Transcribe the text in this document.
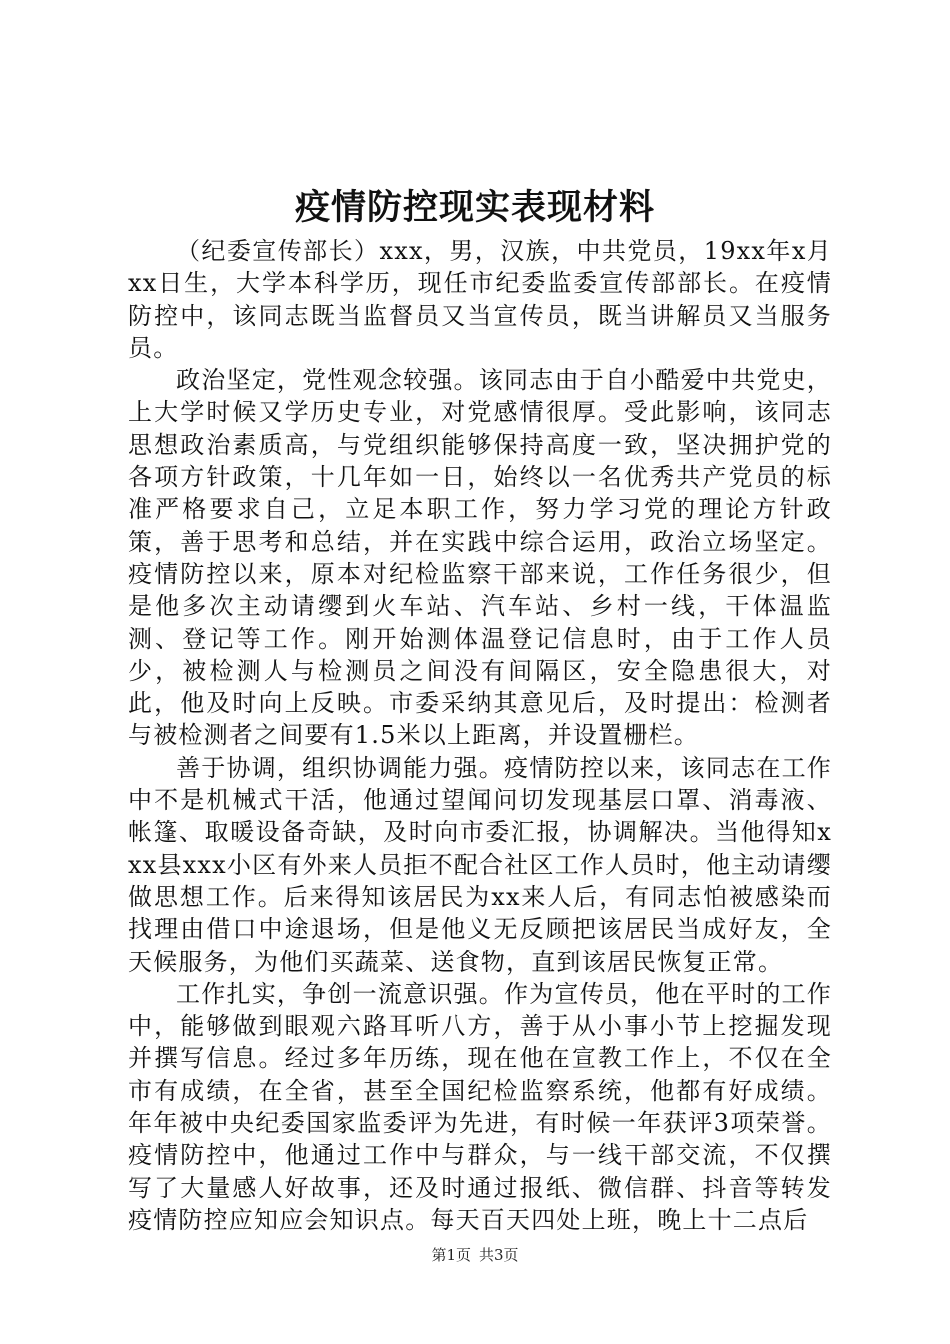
疫情防控现实表现材料

（纪委宣传部长）xxx，男，汉族，中共党员，19xx年x月xx日生，大学本科学历，现任市纪委监委宣传部部长。在疫情防控中，该同志既当监督员又当宣传员，既当讲解员又当服务员。

政治坚定，党性观念较强。该同志由于自小酷爱中共党史，上大学时候又学历史专业，对党感情很厚。受此影响，该同志思想政治素质高，与党组织能够保持高度一致，坚决拥护党的各项方针政策，十几年如一日，始终以一名优秀共产党员的标准严格要求自己，立足本职工作，努力学习党的理论方针政策，善于思考和总结，并在实践中综合运用，政治立场坚定。疫情防控以来，原本对纪检监察干部来说，工作任务很少，但是他多次主动请缨到火车站、汽车站、乡村一线，干体温监测、登记等工作。刚开始测体温登记信息时，由于工作人员少，被检测人与检测员之间没有间隔区，安全隐患很大，对此，他及时向上反映。市委采纳其意见后，及时提出：检测者与被检测者之间要有1.5米以上距离，并设置栅栏。

善于协调，组织协调能力强。疫情防控以来，该同志在工作中不是机械式干活，他通过望闻问切发现基层口罩、消毒液、帐篷、取暖设备奇缺，及时向市委汇报，协调解决。当他得知xxx县xxx小区有外来人员拒不配合社区工作人员时，他主动请缨做思想工作。后来得知该居民为xx来人后，有同志怕被感染而找理由借口中途退场，但是他义无反顾把该居民当成好友，全天候服务，为他们买蔬菜、送食物，直到该居民恢复正常。

工作扎实，争创一流意识强。作为宣传员，他在平时的工作中，能够做到眼观六路耳听八方，善于从小事小节上挖掘发现并撰写信息。经过多年历练，现在他在宣教工作上，不仅在全市有成绩，在全省，甚至全国纪检监察系统，他都有好成绩。年年被中央纪委国家监委评为先进，有时候一年获评3项荣誉。疫情防控中，他通过工作中与群众，与一线干部交流，不仅撰写了大量感人好故事，还及时通过报纸、微信群、抖音等转发疫情防控应知应会知识点。每天百天四处上班，晚上十二点后

第1页 共3页
